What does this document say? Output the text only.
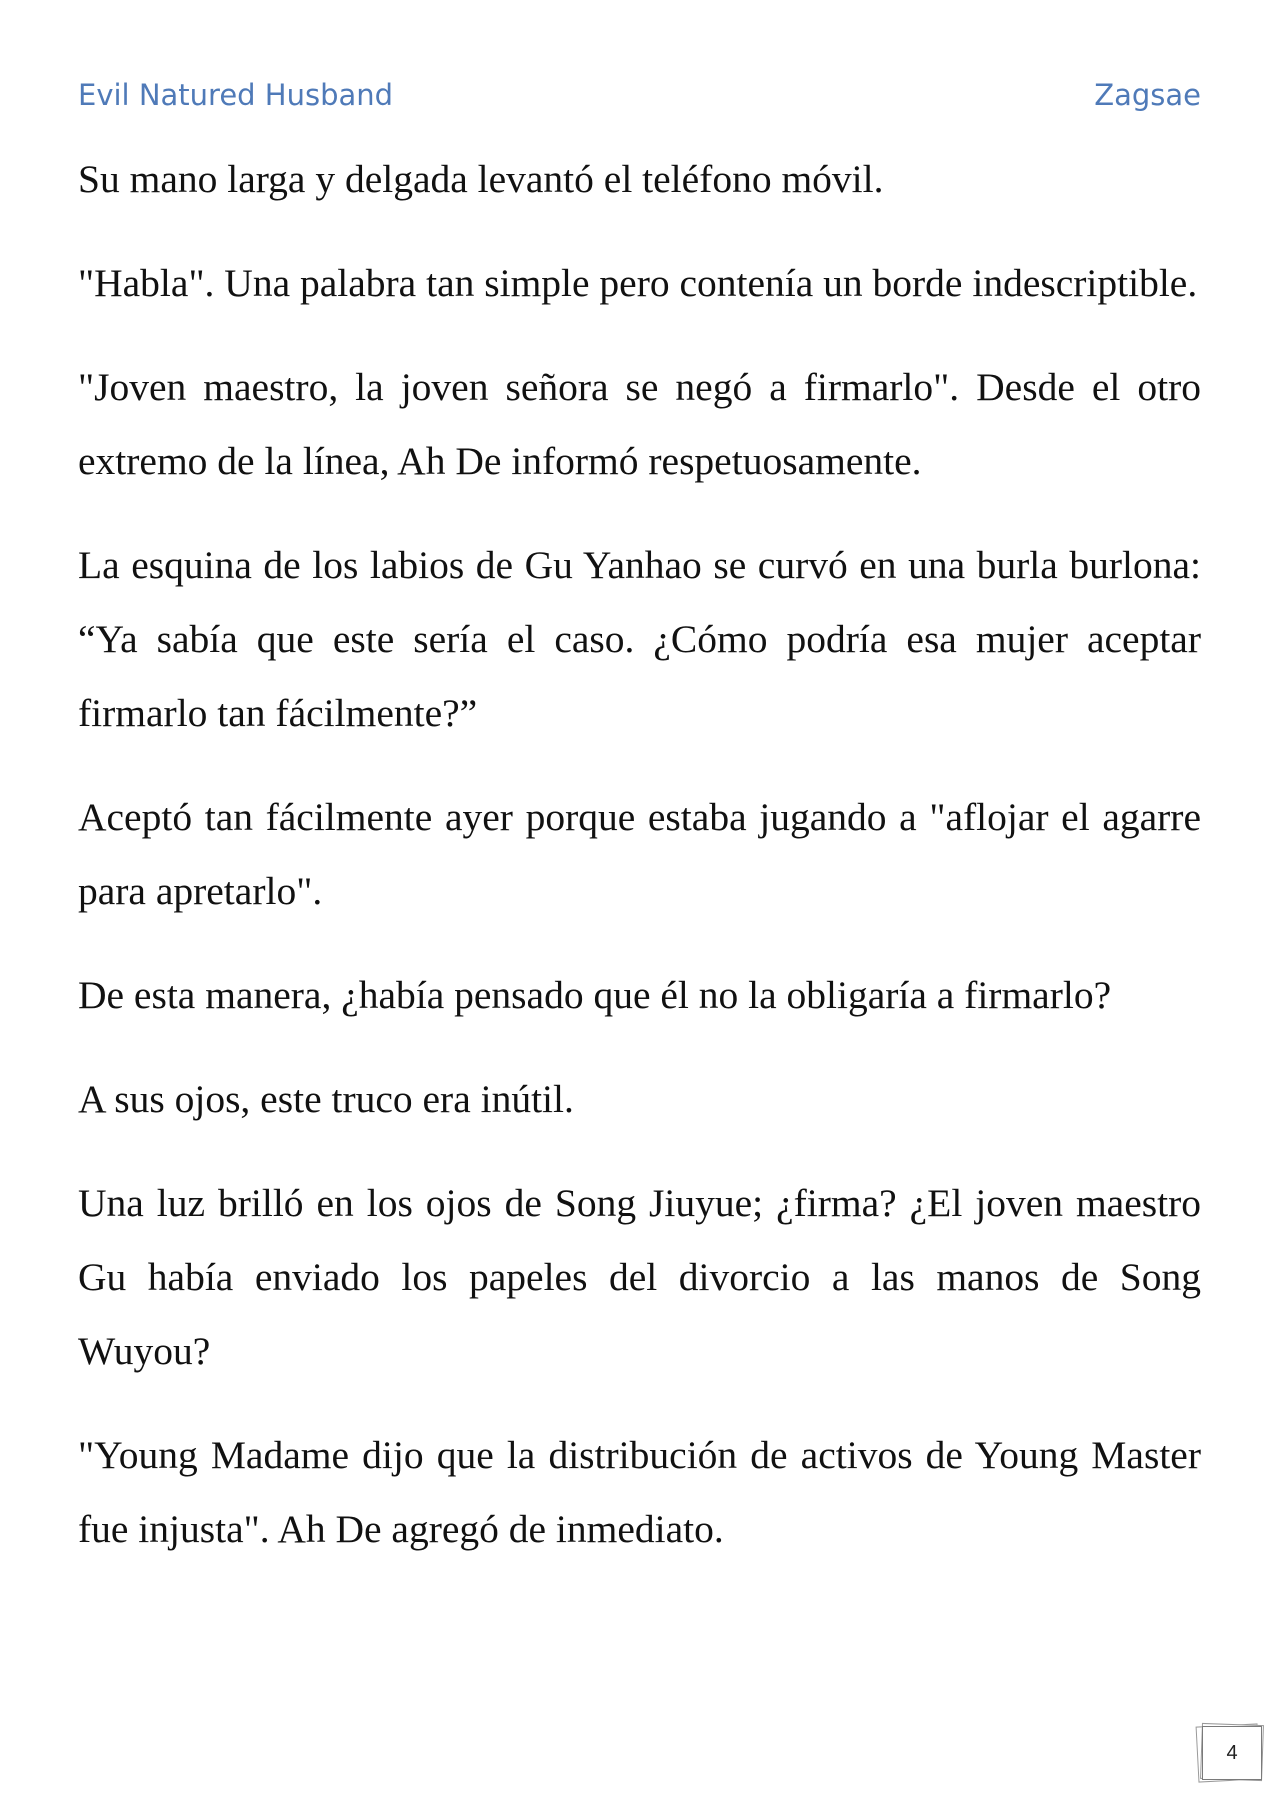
Evil Natured Husband	Zagsae

Su mano larga y delgada levantó el teléfono móvil.

"Habla". Una palabra tan simple pero contenía un borde indescriptible.

"Joven maestro, la joven señora se negó a firmarlo". Desde el otro extremo de la línea, Ah De informó respetuosamente.

La esquina de los labios de Gu Yanhao se curvó en una burla burlona: “Ya sabía que este sería el caso. ¿Cómo podría esa mujer aceptar firmarlo tan fácilmente?”

Aceptó tan fácilmente ayer porque estaba jugando a "aflojar el agarre para apretarlo".

De esta manera, ¿había pensado que él no la obligaría a firmarlo?

A sus ojos, este truco era inútil.

Una luz brilló en los ojos de Song Jiuyue; ¿firma? ¿El joven maestro Gu había enviado los papeles del divorcio a las manos de Song Wuyou?

"Young Madame dijo que la distribución de activos de Young Master fue injusta". Ah De agregó de inmediato.

4
